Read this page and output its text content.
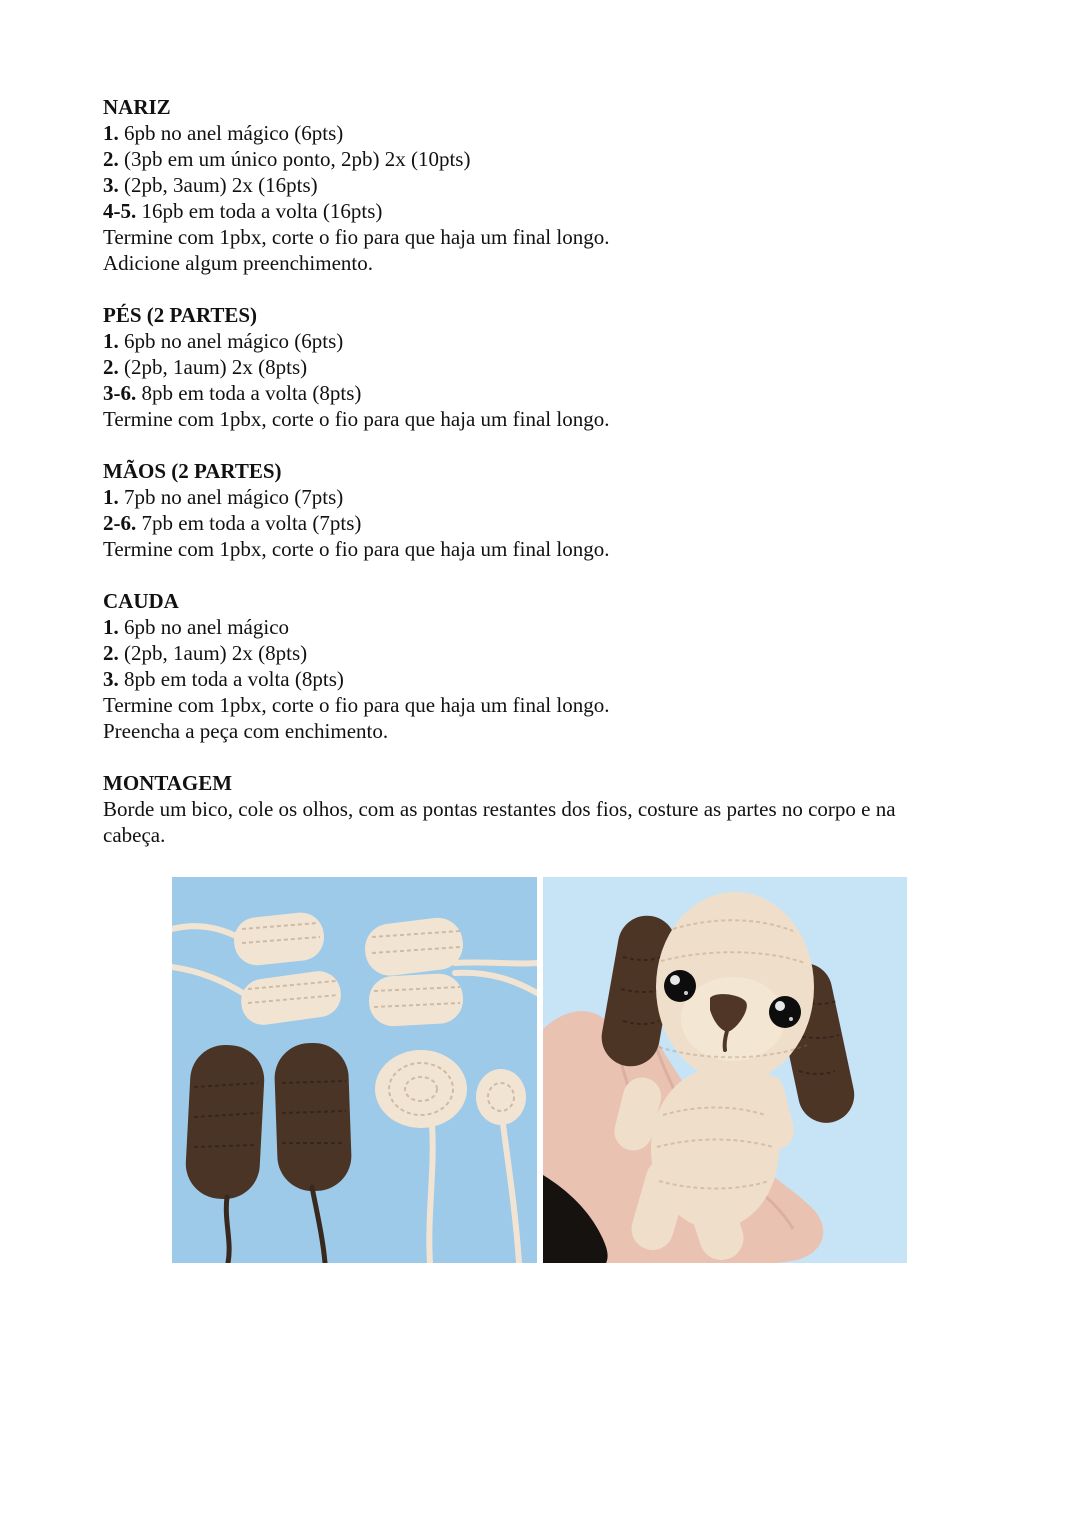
NARIZ

1. 6pb no anel mágico (6pts)

2. (3pb em um único ponto, 2pb) 2x (10pts)

3. (2pb, 3aum) 2x (16pts)

4-5. 16pb em toda a volta (16pts)

Termine com 1pbx, corte o fio para que haja um final longo.

Adicione algum preenchimento.

PÉS (2 PARTES)

1. 6pb no anel mágico (6pts)

2. (2pb, 1aum) 2x (8pts)

3-6. 8pb em toda a volta (8pts)

Termine com 1pbx, corte o fio para que haja um final longo.

MÃOS (2 PARTES)

1. 7pb no anel mágico (7pts)

2-6. 7pb em toda a volta (7pts)

Termine com 1pbx, corte o fio para que haja um final longo.

CAUDA

1. 6pb no anel mágico

2. (2pb, 1aum) 2x (8pts)

3. 8pb em toda a volta (8pts)

Termine com 1pbx, corte o fio para que haja um final longo.

Preencha a peça com enchimento.

MONTAGEM

Borde um bico, cole os olhos, com as pontas restantes dos fios, costure as partes no corpo e na cabeça.
